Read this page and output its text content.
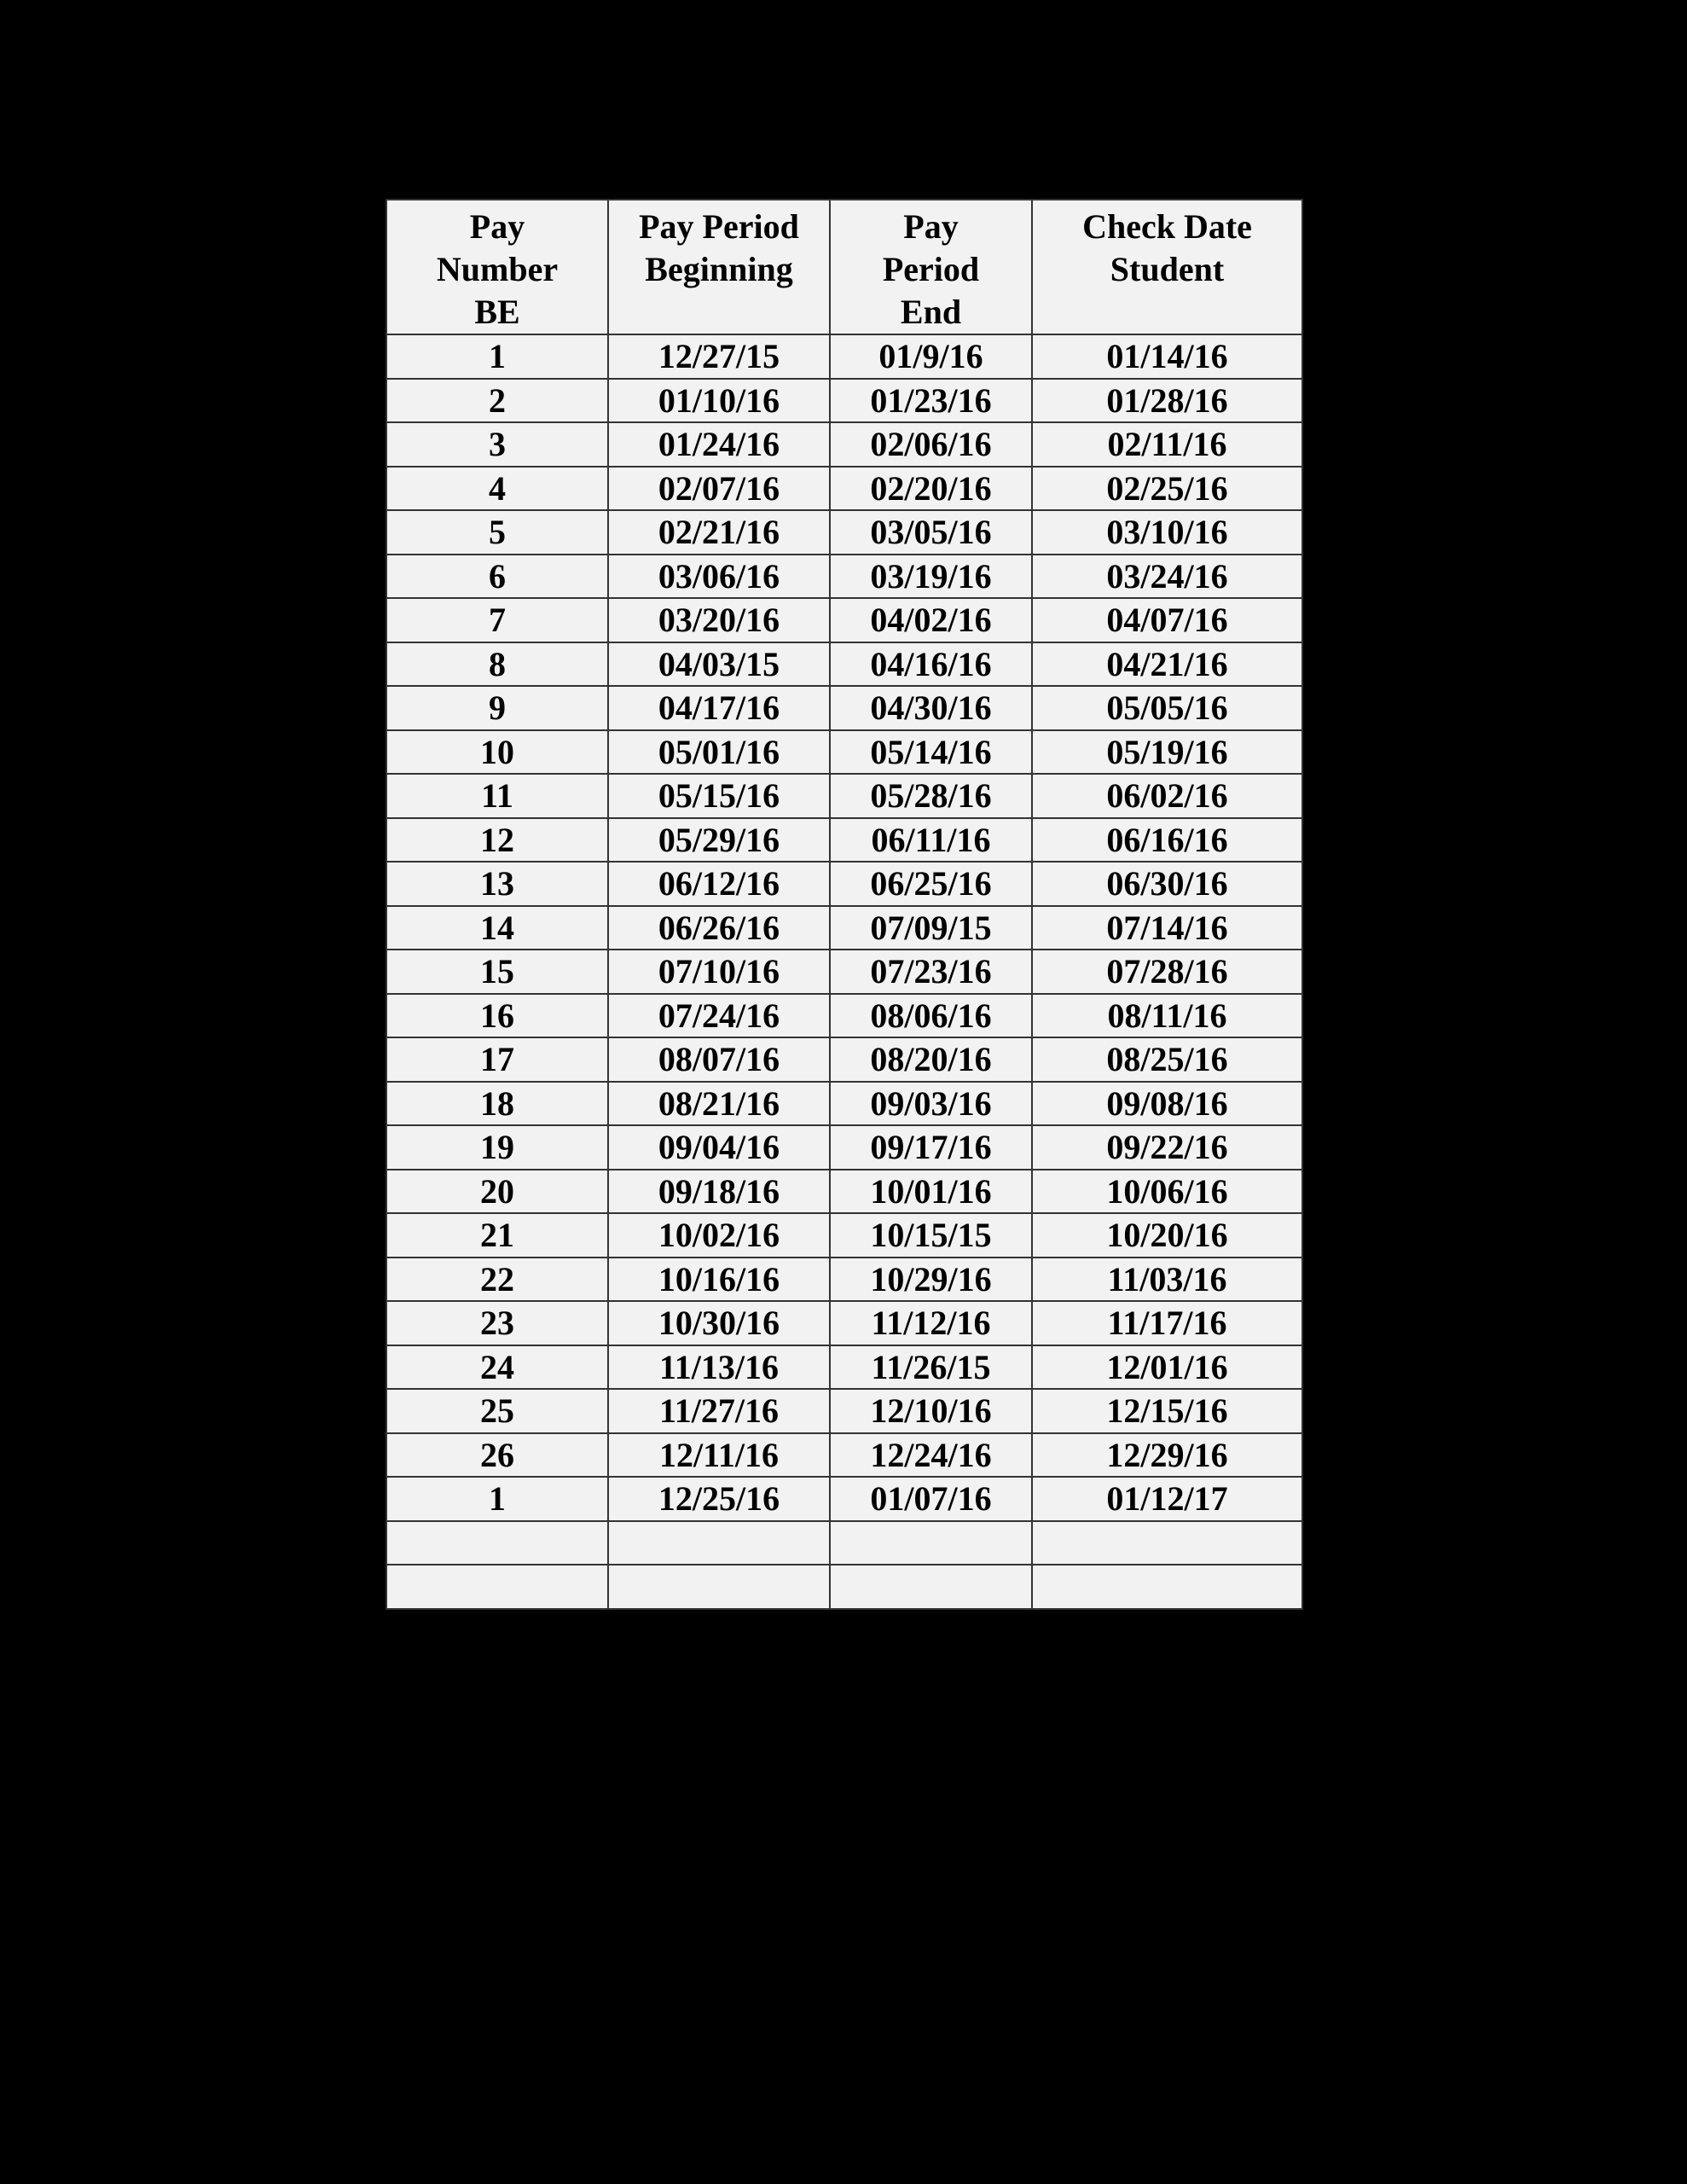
BIWEEKLY PAYROLL CALENDAR 2016
Pay Number BE	Pay Period Beginning	Pay Period End	Check Date Student

1	12/27/15	01/9/16	01/14/16
2	01/10/16	01/23/16	01/28/16
3	01/24/16	02/06/16	02/11/16
4	02/07/16	02/20/16	02/25/16
5	02/21/16	03/05/16	03/10/16
6	03/06/16	03/19/16	03/24/16
7	03/20/16	04/02/16	04/07/16
8	04/03/15	04/16/16	04/21/16
9	04/17/16	04/30/16	05/05/16
10	05/01/16	05/14/16	05/19/16
11	05/15/16	05/28/16	06/02/16
12	05/29/16	06/11/16	06/16/16
13	06/12/16	06/25/16	06/30/16
14	06/26/16	07/09/15	07/14/16
15	07/10/16	07/23/16	07/28/16
16	07/24/16	08/06/16	08/11/16
17	08/07/16	08/20/16	08/25/16
18	08/21/16	09/03/16	09/08/16
19	09/04/16	09/17/16	09/22/16
20	09/18/16	10/01/16	10/06/16
21	10/02/16	10/15/15	10/20/16
22	10/16/16	10/29/16	11/03/16
23	10/30/16	11/12/16	11/17/16
24	11/13/16	11/26/15	12/01/16
25	11/27/16	12/10/16	12/15/16
26	12/11/16	12/24/16	12/29/16
1	12/25/16	01/07/16	01/12/17
